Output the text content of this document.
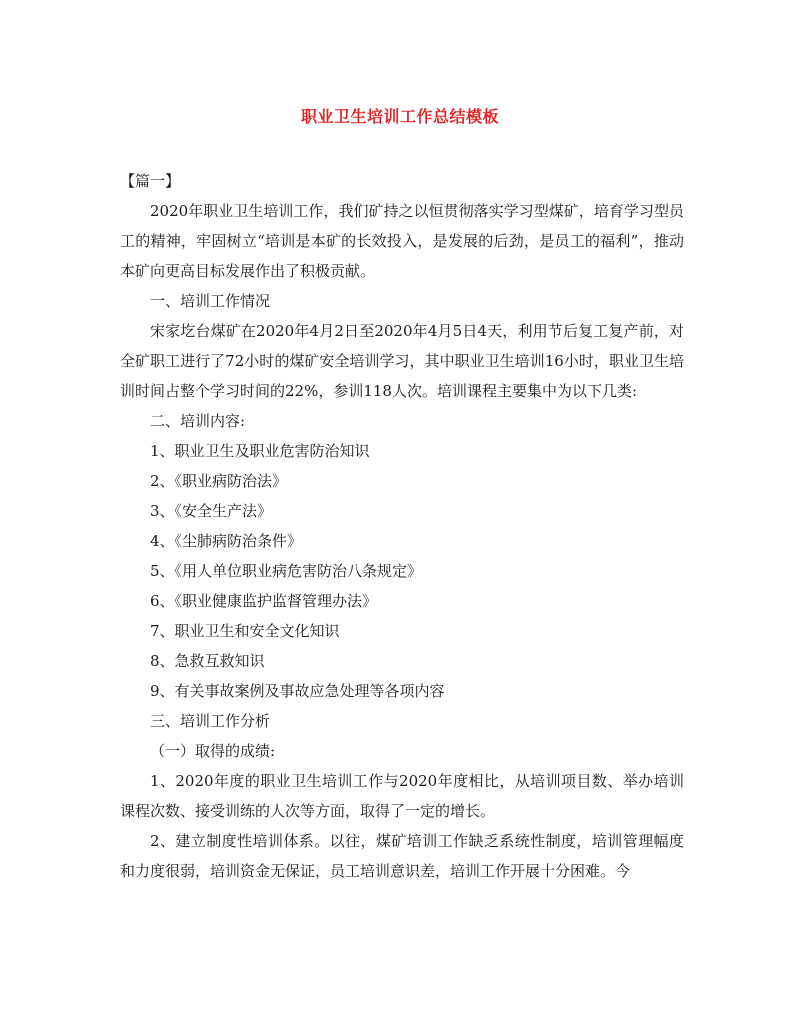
职业卫生培训工作总结模板

【篇一】

2020年职业卫生培训工作，我们矿持之以恒贯彻落实学习型煤矿，培育学习型员工的精神，牢固树立“培训是本矿的长效投入，是发展的后劲，是员工的福利”，推动本矿向更高目标发展作出了积极贡献。

一、培训工作情况

宋家圪台煤矿在2020年4月2日至2020年4月5日4天，利用节后复工复产前，对全矿职工进行了72小时的煤矿安全培训学习，其中职业卫生培训16小时，职业卫生培训时间占整个学习时间的22%，参训118人次。培训课程主要集中为以下几类:

二、培训内容:

1、职业卫生及职业危害防治知识

2、《职业病防治法》

3、《安全生产法》

4、《尘肺病防治条件》

5、《用人单位职业病危害防治八条规定》

6、《职业健康监护监督管理办法》

7、职业卫生和安全文化知识

8、急救互救知识

9、有关事故案例及事故应急处理等各项内容

三、培训工作分析

（一）取得的成绩:

1、2020年度的职业卫生培训工作与2020年度相比，从培训项目数、举办培训课程次数、接受训练的人次等方面，取得了一定的增长。

2、建立制度性培训体系。以往，煤矿培训工作缺乏系统性制度，培训管理幅度和力度很弱，培训资金无保证，员工培训意识差，培训工作开展十分困难。今
